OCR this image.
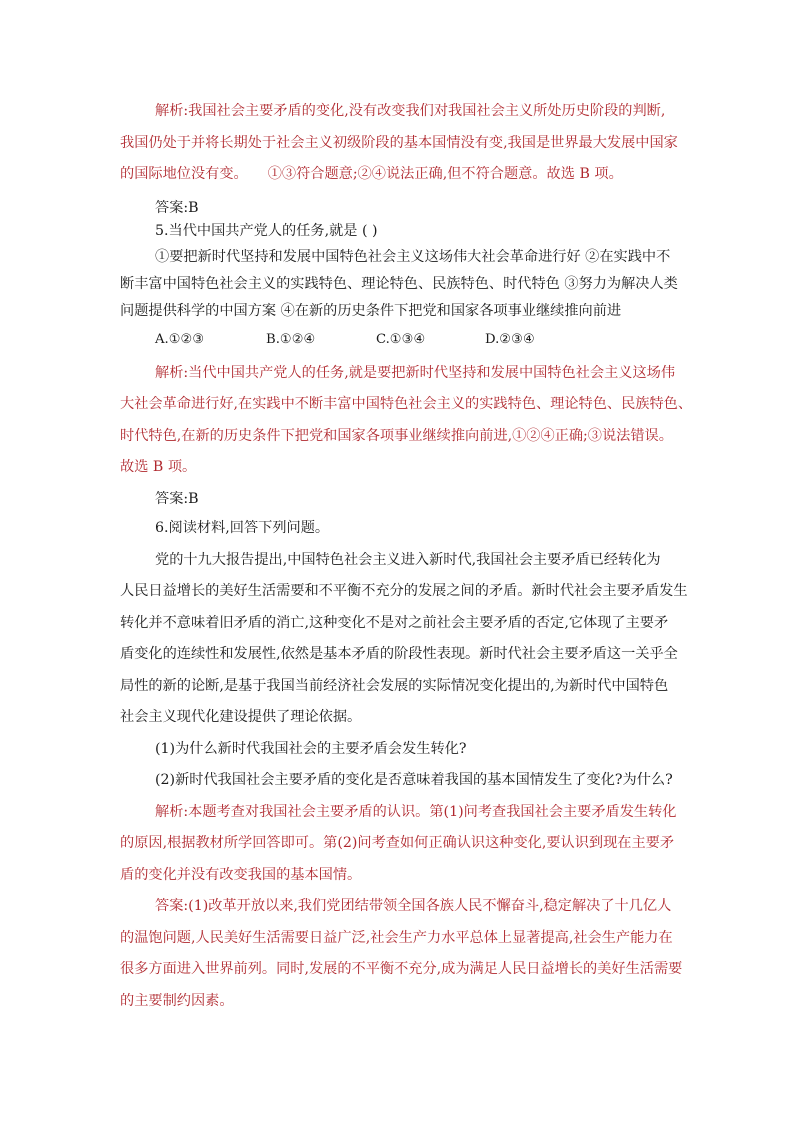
解析:我国社会主要矛盾的变化,没有改变我们对我国社会主义所处历史阶段的判断,
我国仍处于并将长期处于社会主义初级阶段的基本国情没有变,我国是世界最大发展中国家
的国际地位没有变。 ①③符合题意;②④说法正确,但不符合题意。故选 B 项。
答案:B
5.当代中国共产党人的任务,就是 ( )
①要把新时代坚持和发展中国特色社会主义这场伟大社会革命进行好 ②在实践中不
断丰富中国特色社会主义的实践特色、理论特色、民族特色、时代特色 ③努力为解决人类
问题提供科学的中国方案 ④在新的历史条件下把党和国家各项事业继续推向前进
A.①②③	B.①②④	C.①③④	D.②③④
解析:当代中国共产党人的任务,就是要把新时代坚持和发展中国特色社会主义这场伟
大社会革命进行好,在实践中不断丰富中国特色社会主义的实践特色、理论特色、民族特色、
时代特色,在新的历史条件下把党和国家各项事业继续推向前进,①②④正确;③说法错误。
故选 B 项。
答案:B
6.阅读材料,回答下列问题。
党的十九大报告提出,中国特色社会主义进入新时代,我国社会主要矛盾已经转化为
人民日益增长的美好生活需要和不平衡不充分的发展之间的矛盾。新时代社会主要矛盾发生
转化并不意味着旧矛盾的消亡,这种变化不是对之前社会主要矛盾的否定,它体现了主要矛
盾变化的连续性和发展性,依然是基本矛盾的阶段性表现。新时代社会主要矛盾这一关乎全
局性的新的论断,是基于我国当前经济社会发展的实际情况变化提出的,为新时代中国特色
社会主义现代化建设提供了理论依据。
(1)为什么新时代我国社会的主要矛盾会发生转化?
(2)新时代我国社会主要矛盾的变化是否意味着我国的基本国情发生了变化?为什么?
解析:本题考查对我国社会主要矛盾的认识。第(1)问考查我国社会主要矛盾发生转化
的原因,根据教材所学回答即可。第(2)问考查如何正确认识这种变化,要认识到现在主要矛
盾的变化并没有改变我国的基本国情。
答案:(1)改革开放以来,我们党团结带领全国各族人民不懈奋斗,稳定解决了十几亿人
的温饱问题,人民美好生活需要日益广泛,社会生产力水平总体上显著提高,社会生产能力在
很多方面进入世界前列。同时,发展的不平衡不充分,成为满足人民日益增长的美好生活需要
的主要制约因素。
